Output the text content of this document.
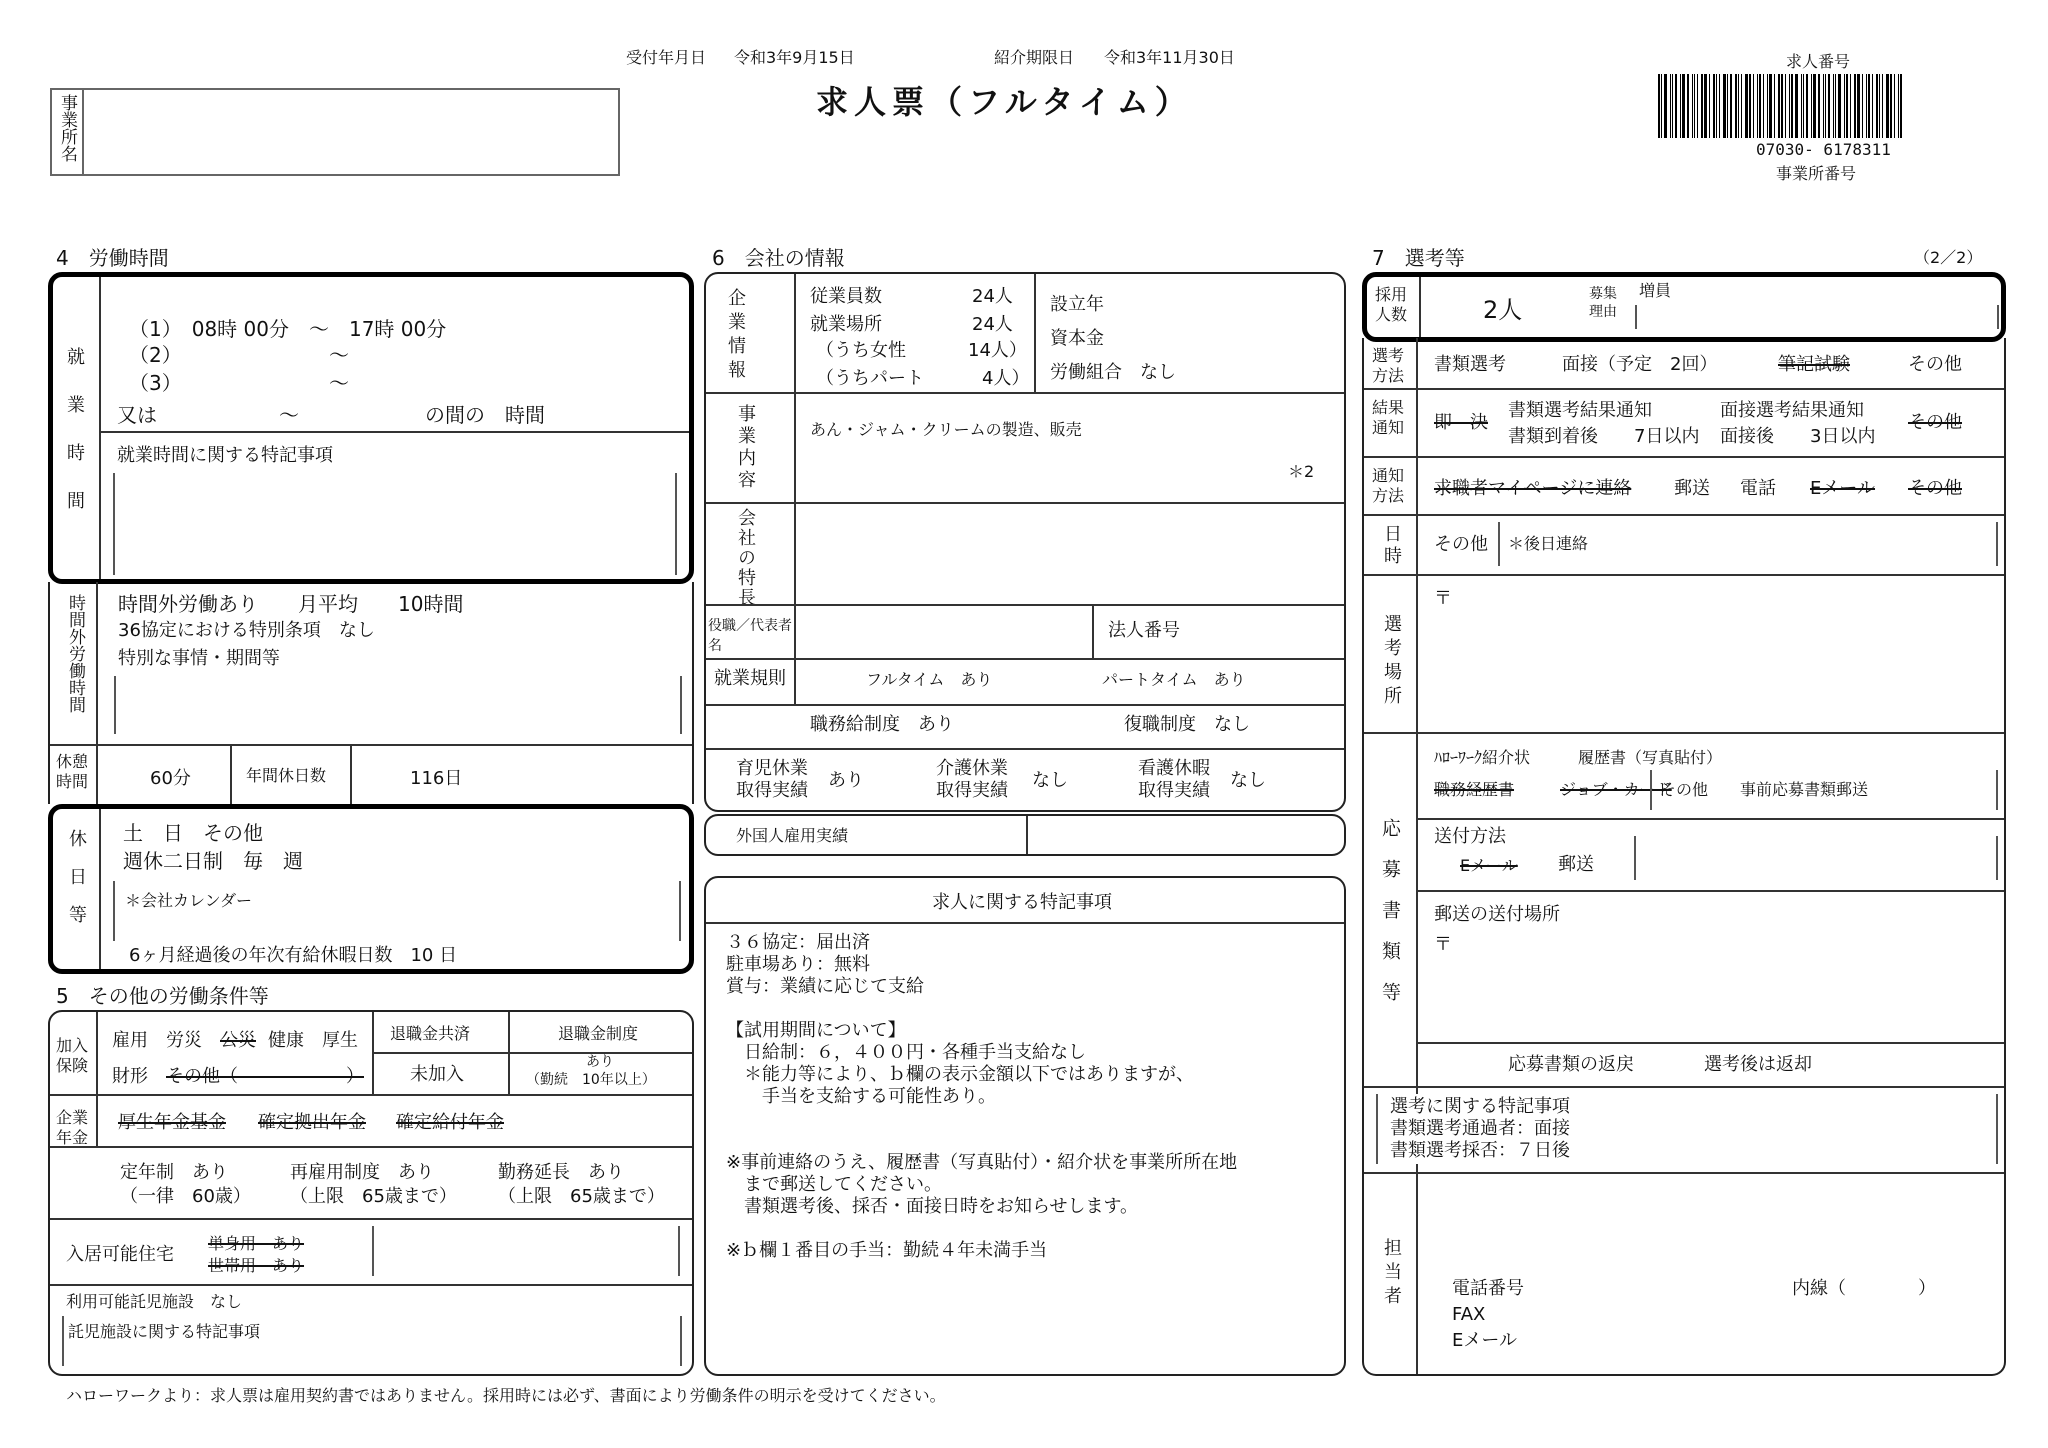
受付年月日 令和3年9月15日	紹介期限日 令和3年11月30日
求人票（フルタイム）
事業所名
求人番号
07030- 6178311
事業所番号
4　労働時間
就業時間
（1）　08時 00分　～　17時 00分
（2）	～
（3）	～
又は	～	の間の　時間
就業時間に関する特記事項
時間外労働時間 時間外労働あり　　月平均　　10時間
36協定における特別条項　なし
特別な事情・期間等
休憩時間	60分	年間休日数	116日
休日等 土　日　その他
週休二日制　毎　週
＊会社カレンダー
6ヶ月経過後の年次有給休暇日数　10 日
5　その他の労働条件等
加入保険
雇用　労災 公災 健康　厚生
財形 その他（　　　　　　）
退職金共済
未加入
退職金制度
あり
（勤続　10年以上）
企業年金
厚生年金基金 確定拠出年金 確定給付年金
定年制　あり
（一律　60歳）
再雇用制度　あり
（上限　65歳まで）
勤務延長　あり
（上限　65歳まで）
入居可能住宅
単身用　あり
世帯用　あり
利用可能託児施設　なし
託児施設に関する特記事項
6　会社の情報
企業情報	従業員数	24人
就業場所	24人
（うち女性	14人）
（うちパート	4人）
設立年
資本金
労働組合　なし
事業内容	あん・ジャム・クリームの製造、販売
＊2
会社の特長
役職／代表者名
法人番号
就業規則	フルタイム　あり	パートタイム　あり
職務給制度　あり	復職制度　なし
育児休業取得実績	あり
介護休業取得実績	なし
看護休暇取得実績	なし
外国人雇用実績
求人に関する特記事項
３６協定：届出済
駐車場あり：無料
賞与：業績に応じて支給
【試用期間について】
　日給制：６，４００円・各種手当支給なし
　＊能力等により、ｂ欄の表示金額以下ではありますが、
　　手当を支給する可能性あり。
※事前連絡のうえ、履歴書（写真貼付）・紹介状を事業所所在地
　まで郵送してください。
　書類選考後、採否・面接日時をお知らせします。
※ｂ欄１番目の手当：勤続４年未満手当
7　選考等	（2／2）
採用人数	2人
募集理由
増員
選考方法
書類選考	面接（予定　2回）	筆記試験	その他
結果通知	即　決
書類選考結果通知
書類到着後　　7日以内
面接選考結果通知
面接後　　3日以内
その他
通知方法	求職者マイページに連絡 郵送 電話 Eメール その他
日時 その他 ＊後日連絡
選考場所
〒
応募書類等
ﾊﾛｰﾜｰｸ紹介状	履歴書（写真貼付）
職務経歴書	ジョブ・カード
その他 事前応募書類郵送
送付方法
Eメール 郵送
郵送の送付場所
〒
応募書類の返戻	選考後は返却
選考に関する特記事項
書類選考通過者：面接
書類選考採否：７日後
担当者	電話番号	内線（　　　　）
FAX
Eメール
ハローワークより：求人票は雇用契約書ではありません。採用時には必ず、書面により労働条件の明示を受けてください。
